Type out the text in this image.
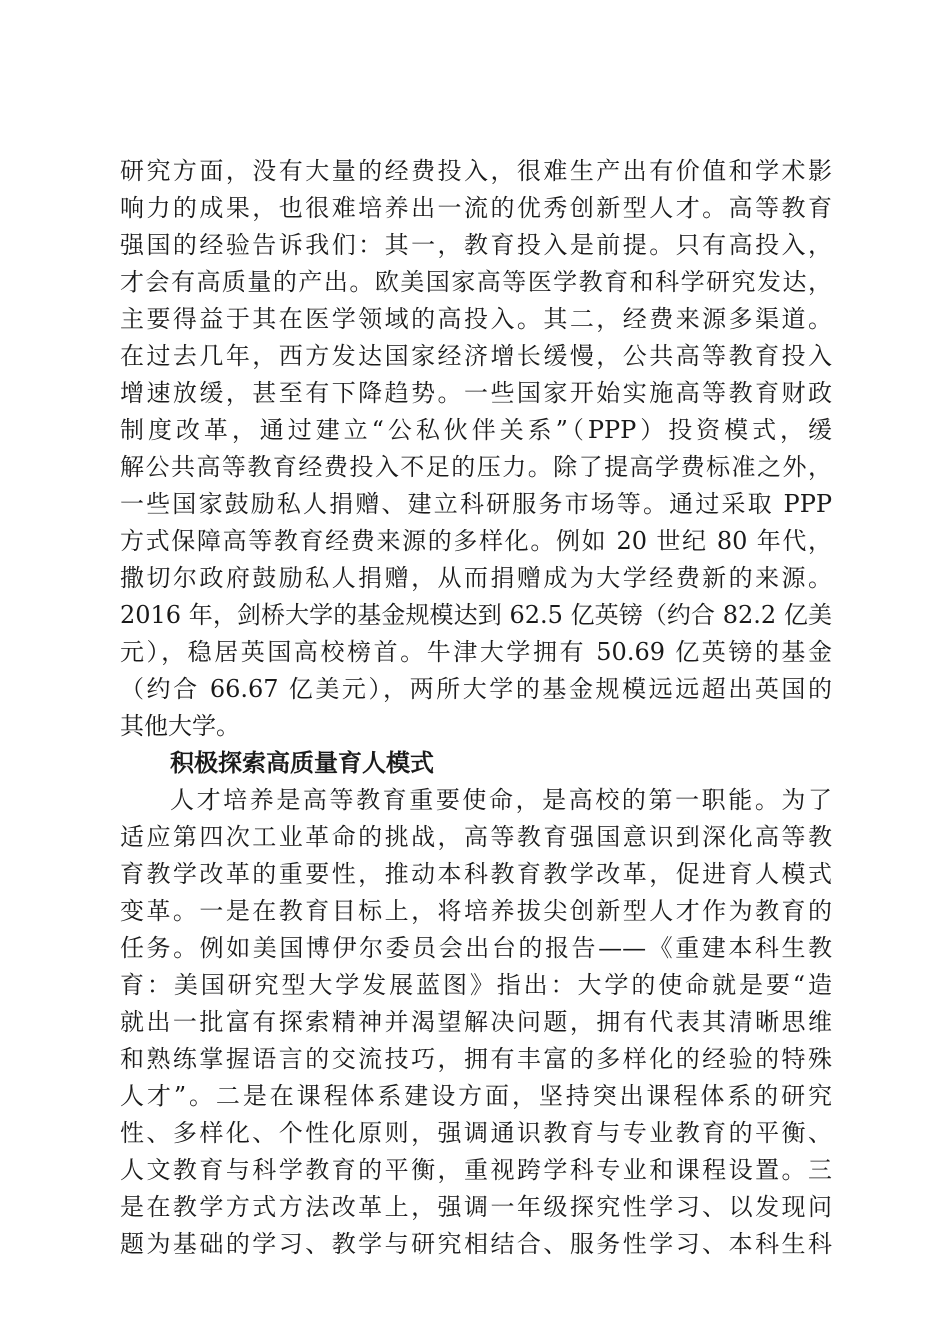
研究方面，没有大量的经费投入，很难生产出有价值和学术影
响力的成果，也很难培养出一流的优秀创新型人才。高等教育
强国的经验告诉我们：其一，教育投入是前提。只有高投入，
才会有高质量的产出。欧美国家高等医学教育和科学研究发达，
主要得益于其在医学领域的高投入。其二，经费来源多渠道。
在过去几年，西方发达国家经济增长缓慢，公共高等教育投入
增速放缓，甚至有下降趋势。一些国家开始实施高等教育财政
制度改革，通过建立“公私伙伴关系”（PPP）投资模式，缓
解公共高等教育经费投入不足的压力。除了提高学费标准之外，
一些国家鼓励私人捐赠、建立科研服务市场等。通过采取 PPP
方式保障高等教育经费来源的多样化。例如 20 世纪 80 年代，
撒切尔政府鼓励私人捐赠，从而捐赠成为大学经费新的来源。
2016 年，剑桥大学的基金规模达到 62.5 亿英镑（约合 82.2 亿美
元），稳居英国高校榜首。牛津大学拥有 50.69 亿英镑的基金
（约合 66.67 亿美元），两所大学的基金规模远远超出英国的
其他大学。
积极探索高质量育人模式
人才培养是高等教育重要使命，是高校的第一职能。为了
适应第四次工业革命的挑战，高等教育强国意识到深化高等教
育教学改革的重要性，推动本科教育教学改革，促进育人模式
变革。一是在教育目标上，将培养拔尖创新型人才作为教育的
任务。例如美国博伊尔委员会出台的报告——《重建本科生教
育：美国研究型大学发展蓝图》指出：大学的使命就是要“造
就出一批富有探索精神并渴望解决问题，拥有代表其清晰思维
和熟练掌握语言的交流技巧，拥有丰富的多样化的经验的特殊
人才”。二是在课程体系建设方面，坚持突出课程体系的研究
性、多样化、个性化原则，强调通识教育与专业教育的平衡、
人文教育与科学教育的平衡，重视跨学科专业和课程设置。三
是在教学方式方法改革上，强调一年级探究性学习、以发现问
题为基础的学习、教学与研究相结合、服务性学习、本科生科
